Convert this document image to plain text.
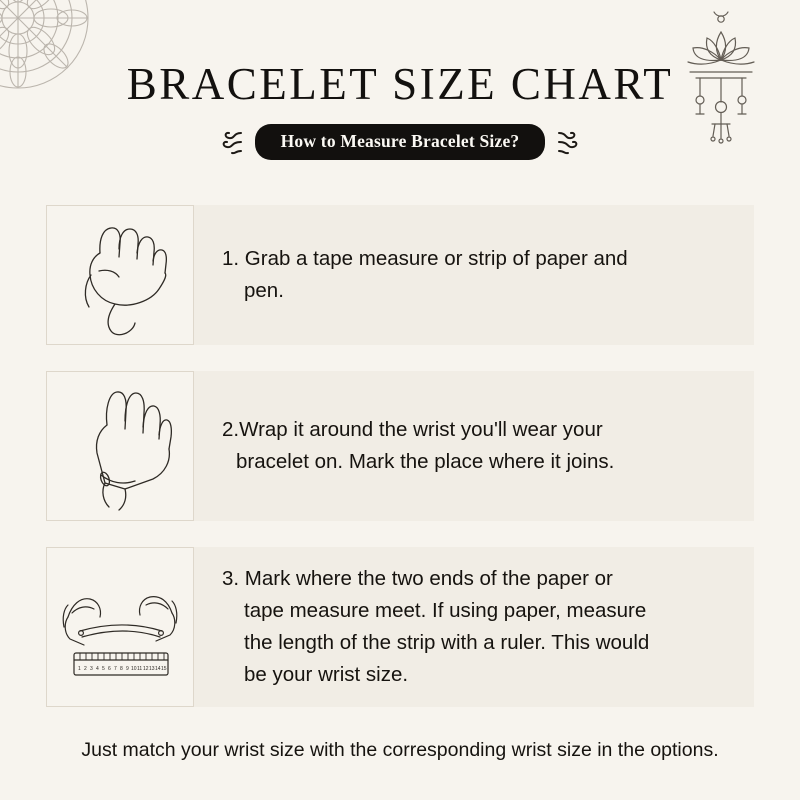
BRACELET SIZE CHART
How to Measure Bracelet Size?
1. Grab a tape measure or strip of paper and
pen.
2.Wrap it around the wrist you'll wear your
bracelet on. Mark the place where it joins.
1 2 3 4 5 6 7 8 9 10 11 12 13 14 15
3. Mark where the two ends of the paper or
tape measure meet. If using paper, measure
the length of the strip with a ruler. This would
be your wrist size.
Just match your wrist size with the corresponding wrist size in the options.
